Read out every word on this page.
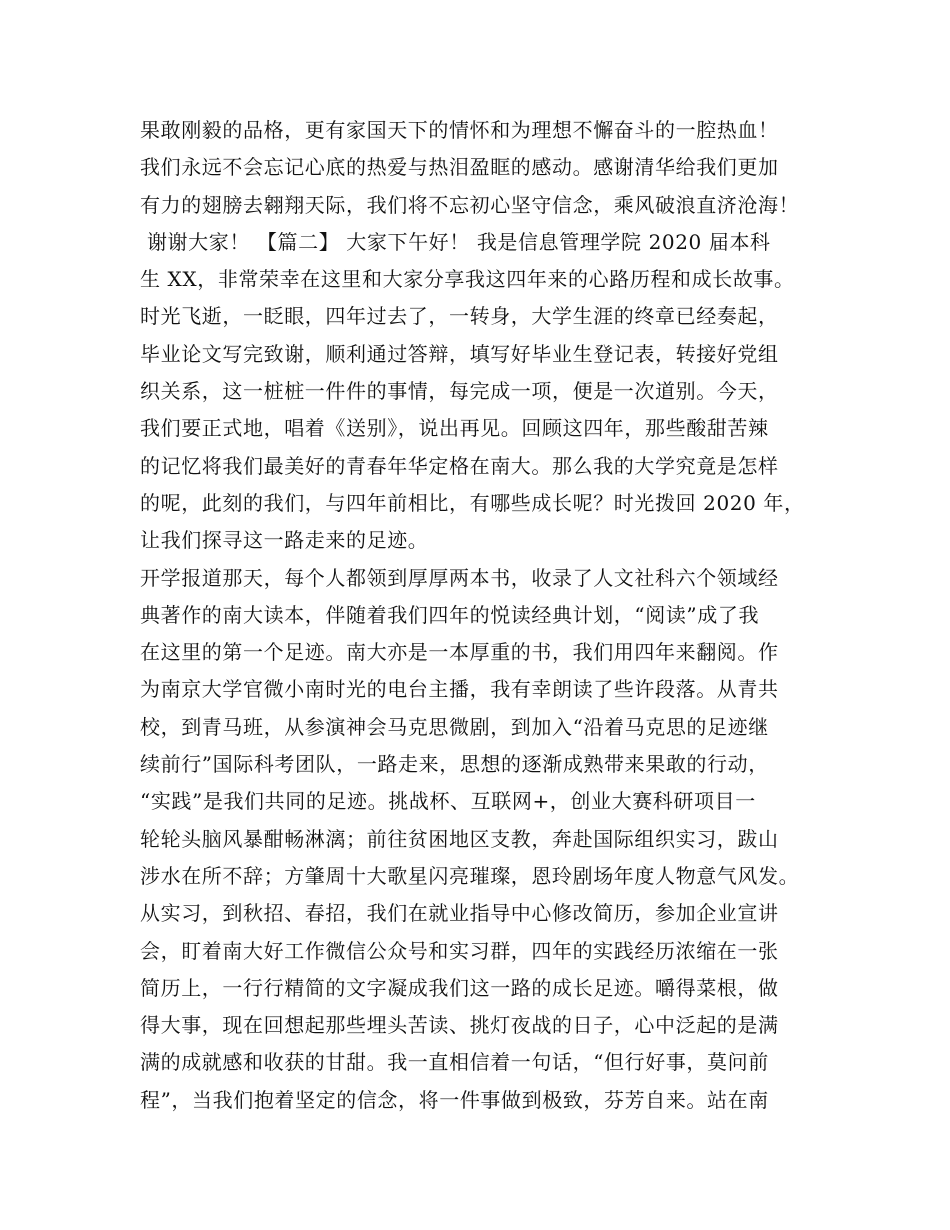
果敢刚毅的品格，更有家国天下的情怀和为理想不懈奋斗的一腔热血！
我们永远不会忘记心底的热爱与热泪盈眶的感动。感谢清华给我们更加
有力的翅膀去翱翔天际，我们将不忘初心坚守信念，乘风破浪直济沧海！
谢谢大家！ 【篇二】 大家下午好！ 我是信息管理学院 2020 届本科
生 XX，非常荣幸在这里和大家分享我这四年来的心路历程和成长故事。
时光飞逝，一眨眼，四年过去了，一转身，大学生涯的终章已经奏起，
毕业论文写完致谢，顺利通过答辩，填写好毕业生登记表，转接好党组
织关系，这一桩桩一件件的事情，每完成一项，便是一次道别。今天，
我们要正式地，唱着《送别》，说出再见。回顾这四年，那些酸甜苦辣
的记忆将我们最美好的青春年华定格在南大。那么我的大学究竟是怎样
的呢，此刻的我们，与四年前相比，有哪些成长呢？时光拨回 2020 年，
让我们探寻这一路走来的足迹。
开学报道那天，每个人都领到厚厚两本书，收录了人文社科六个领域经
典著作的南大读本，伴随着我们四年的悦读经典计划，“阅读”成了我
在这里的第一个足迹。南大亦是一本厚重的书，我们用四年来翻阅。作
为南京大学官微小南时光的电台主播，我有幸朗读了些许段落。从青共
校，到青马班，从参演神会马克思微剧，到加入“沿着马克思的足迹继
续前行”国际科考团队，一路走来，思想的逐渐成熟带来果敢的行动，
“实践”是我们共同的足迹。挑战杯、互联网+，创业大赛科研项目一
轮轮头脑风暴酣畅淋漓；前往贫困地区支教，奔赴国际组织实习，跋山
涉水在所不辞；方肇周十大歌星闪亮璀璨，恩玲剧场年度人物意气风发。
从实习，到秋招、春招，我们在就业指导中心修改简历，参加企业宣讲
会，盯着南大好工作微信公众号和实习群，四年的实践经历浓缩在一张
简历上，一行行精简的文字凝成我们这一路的成长足迹。嚼得菜根，做
得大事，现在回想起那些埋头苦读、挑灯夜战的日子，心中泛起的是满
满的成就感和收获的甘甜。我一直相信着一句话，“但行好事，莫问前
程”，当我们抱着坚定的信念，将一件事做到极致，芬芳自来。站在南
